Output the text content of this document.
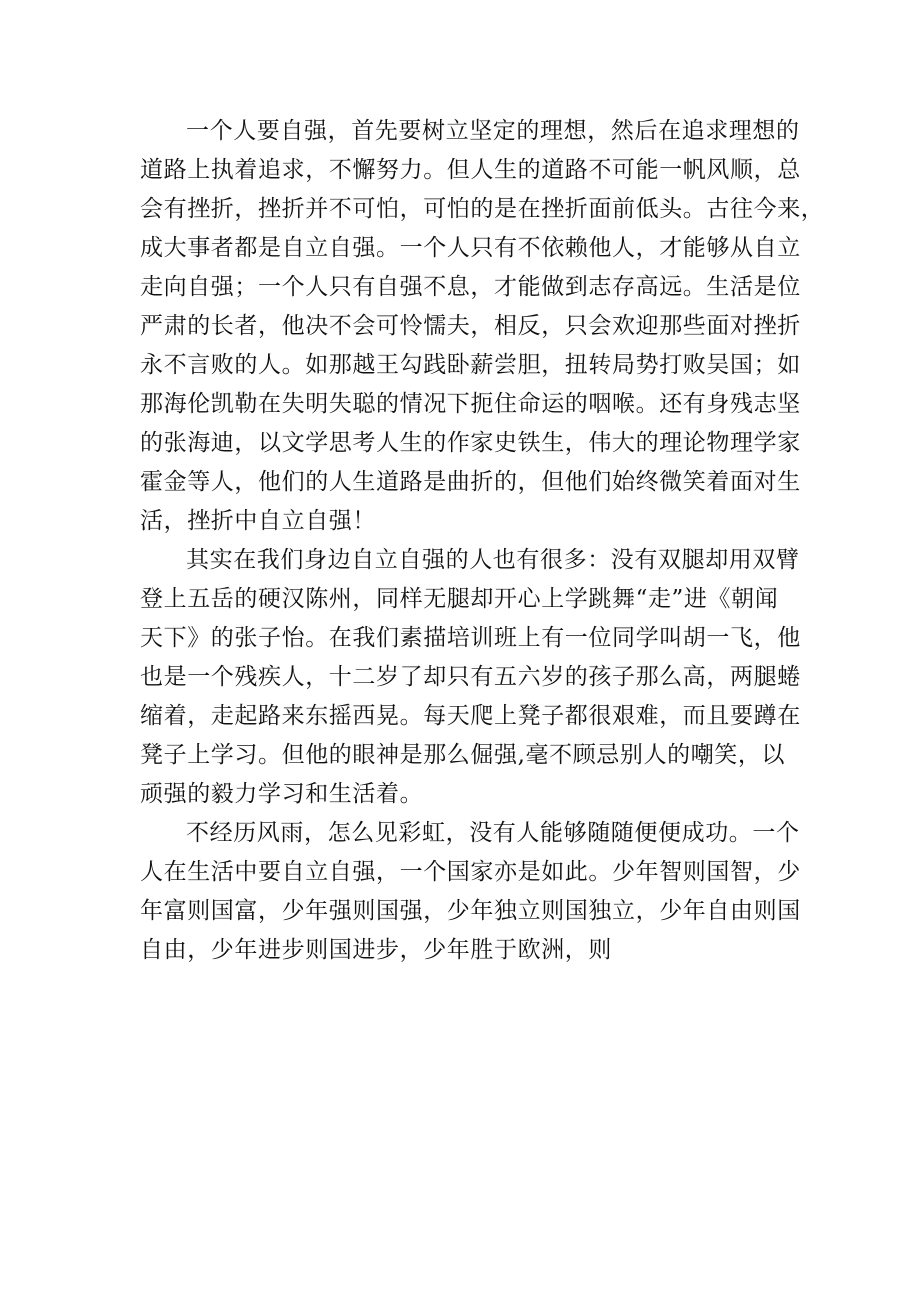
一个人要自强，首先要树立坚定的理想，然后在追求理想的
道路上执着追求，不懈努力。但人生的道路不可能一帆风顺，总
会有挫折，挫折并不可怕，可怕的是在挫折面前低头。古往今来，
成大事者都是自立自强。一个人只有不依赖他人，才能够从自立
走向自强；一个人只有自强不息，才能做到志存高远。生活是位
严肃的长者，他决不会可怜懦夫，相反，只会欢迎那些面对挫折
永不言败的人。如那越王勾践卧薪尝胆，扭转局势打败吴国；如
那海伦凯勒在失明失聪的情况下扼住命运的咽喉。还有身残志坚
的张海迪，以文学思考人生的作家史铁生，伟大的理论物理学家
霍金等人，他们的人生道路是曲折的，但他们始终微笑着面对生
活，挫折中自立自强！
其实在我们身边自立自强的人也有很多：没有双腿却用双臂
登上五岳的硬汉陈州，同样无腿却开心上学跳舞“走”进《朝闻
天下》的张子怡。在我们素描培训班上有一位同学叫胡一飞，他
也是一个残疾人，十二岁了却只有五六岁的孩子那么高，两腿蜷
缩着，走起路来东摇西晃。每天爬上凳子都很艰难，而且要蹲在
凳子上学习。但他的眼神是那么倔强,毫不顾忌别人的嘲笑，以
顽强的毅力学习和生活着。
不经历风雨，怎么见彩虹，没有人能够随随便便成功。一个
人在生活中要自立自强，一个国家亦是如此。少年智则国智，少
年富则国富，少年强则国强，少年独立则国独立，少年自由则国
自由，少年进步则国进步，少年胜于欧洲，则
